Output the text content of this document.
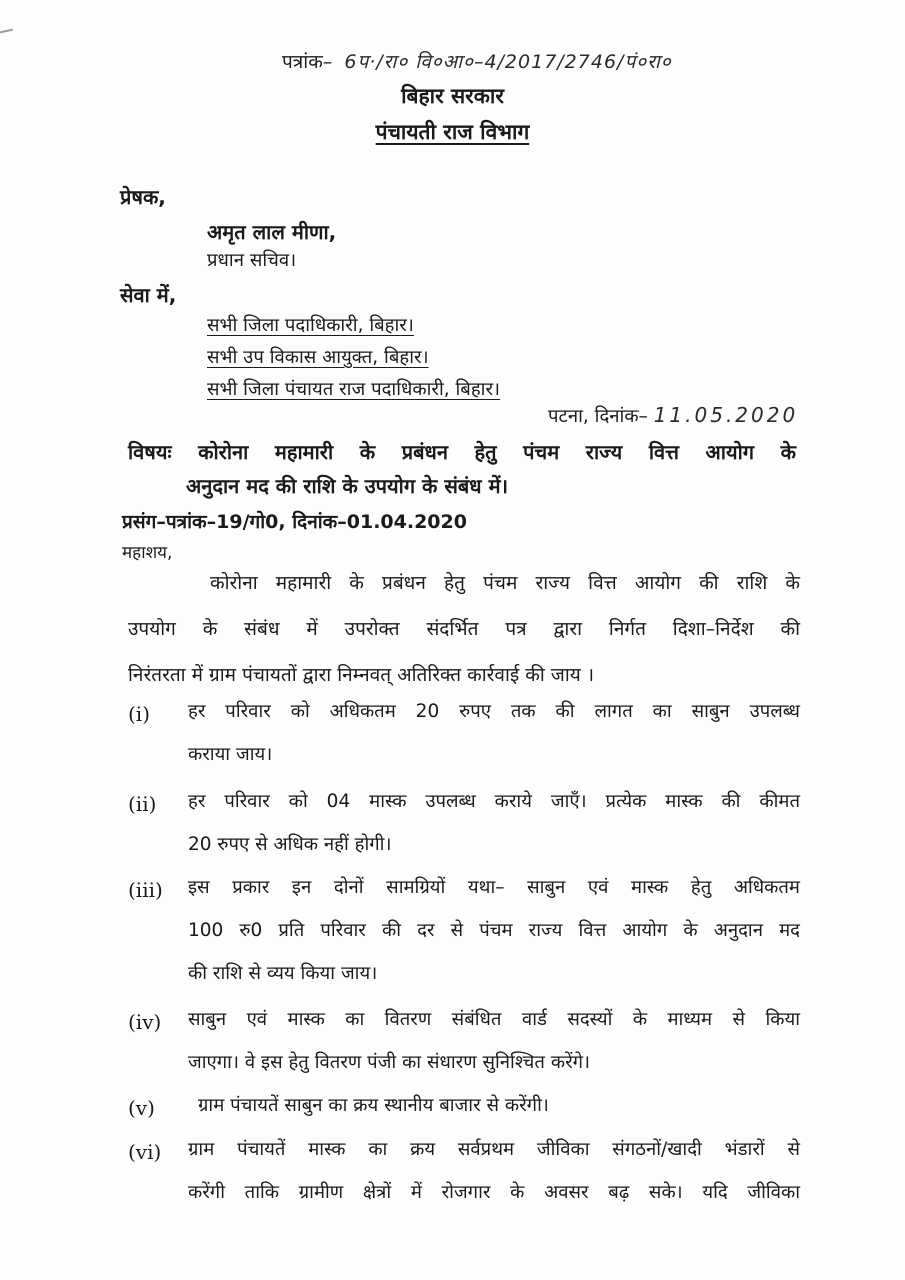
पत्रांक– 6प·/रा० वि०आ०–4/2017/2746/पं०रा०
बिहार सरकार
पंचायती राज विभाग
प्रेषक,
अमृत लाल मीणा,
प्रधान सचिव।
सेवा में,
सभी जिला पदाधिकारी, बिहार।
सभी उप विकास आयुक्त, बिहार।
सभी जिला पंचायत राज पदाधिकारी, बिहार।
पटना, दिनांक– 11.05.2020
विषयः कोरोना महामारी के प्रबंधन हेतु पंचम राज्य वित्त आयोग के
अनुदान मद की राशि के उपयोग के संबंध में।
प्रसंग–पत्रांक–19/गो0, दिनांक–01.04.2020
महाशय,
कोरोना महामारी के प्रबंधन हेतु पंचम राज्य वित्त आयोग की राशि के
उपयोग के संबंध में उपरोक्त संदर्भित पत्र द्वारा निर्गत दिशा–निर्देश की
निरंतरता में ग्राम पंचायतों द्वारा निम्नवत् अतिरिक्त कार्रवाई की जाय ।
(i) हर परिवार को अधिकतम 20 रुपए तक की लागत का साबुन उपलब्ध
कराया जाय।
(ii) हर परिवार को 04 मास्क उपलब्ध कराये जाएँ। प्रत्येक मास्क की कीमत
20 रुपए से अधिक नहीं होगी।
(iii) इस प्रकार इन दोनों सामग्रियों यथा– साबुन एवं मास्क हेतु अधिकतम
100 रु0 प्रति परिवार की दर से पंचम राज्य वित्त आयोग के अनुदान मद
की राशि से व्यय किया जाय।
(iv) साबुन एवं मास्क का वितरण संबंधित वार्ड सदस्यों के माध्यम से किया
जाएगा। वे इस हेतु वितरण पंजी का संधारण सुनिश्चित करेंगे।
(v) ग्राम पंचायतें साबुन का क्रय स्थानीय बाजार से करेंगी।
(vi) ग्राम पंचायतें मास्क का क्रय सर्वप्रथम जीविका संगठनों/खादी भंडारों से
करेंगी ताकि ग्रामीण क्षेत्रों में रोजगार के अवसर बढ़ सके। यदि जीविका
